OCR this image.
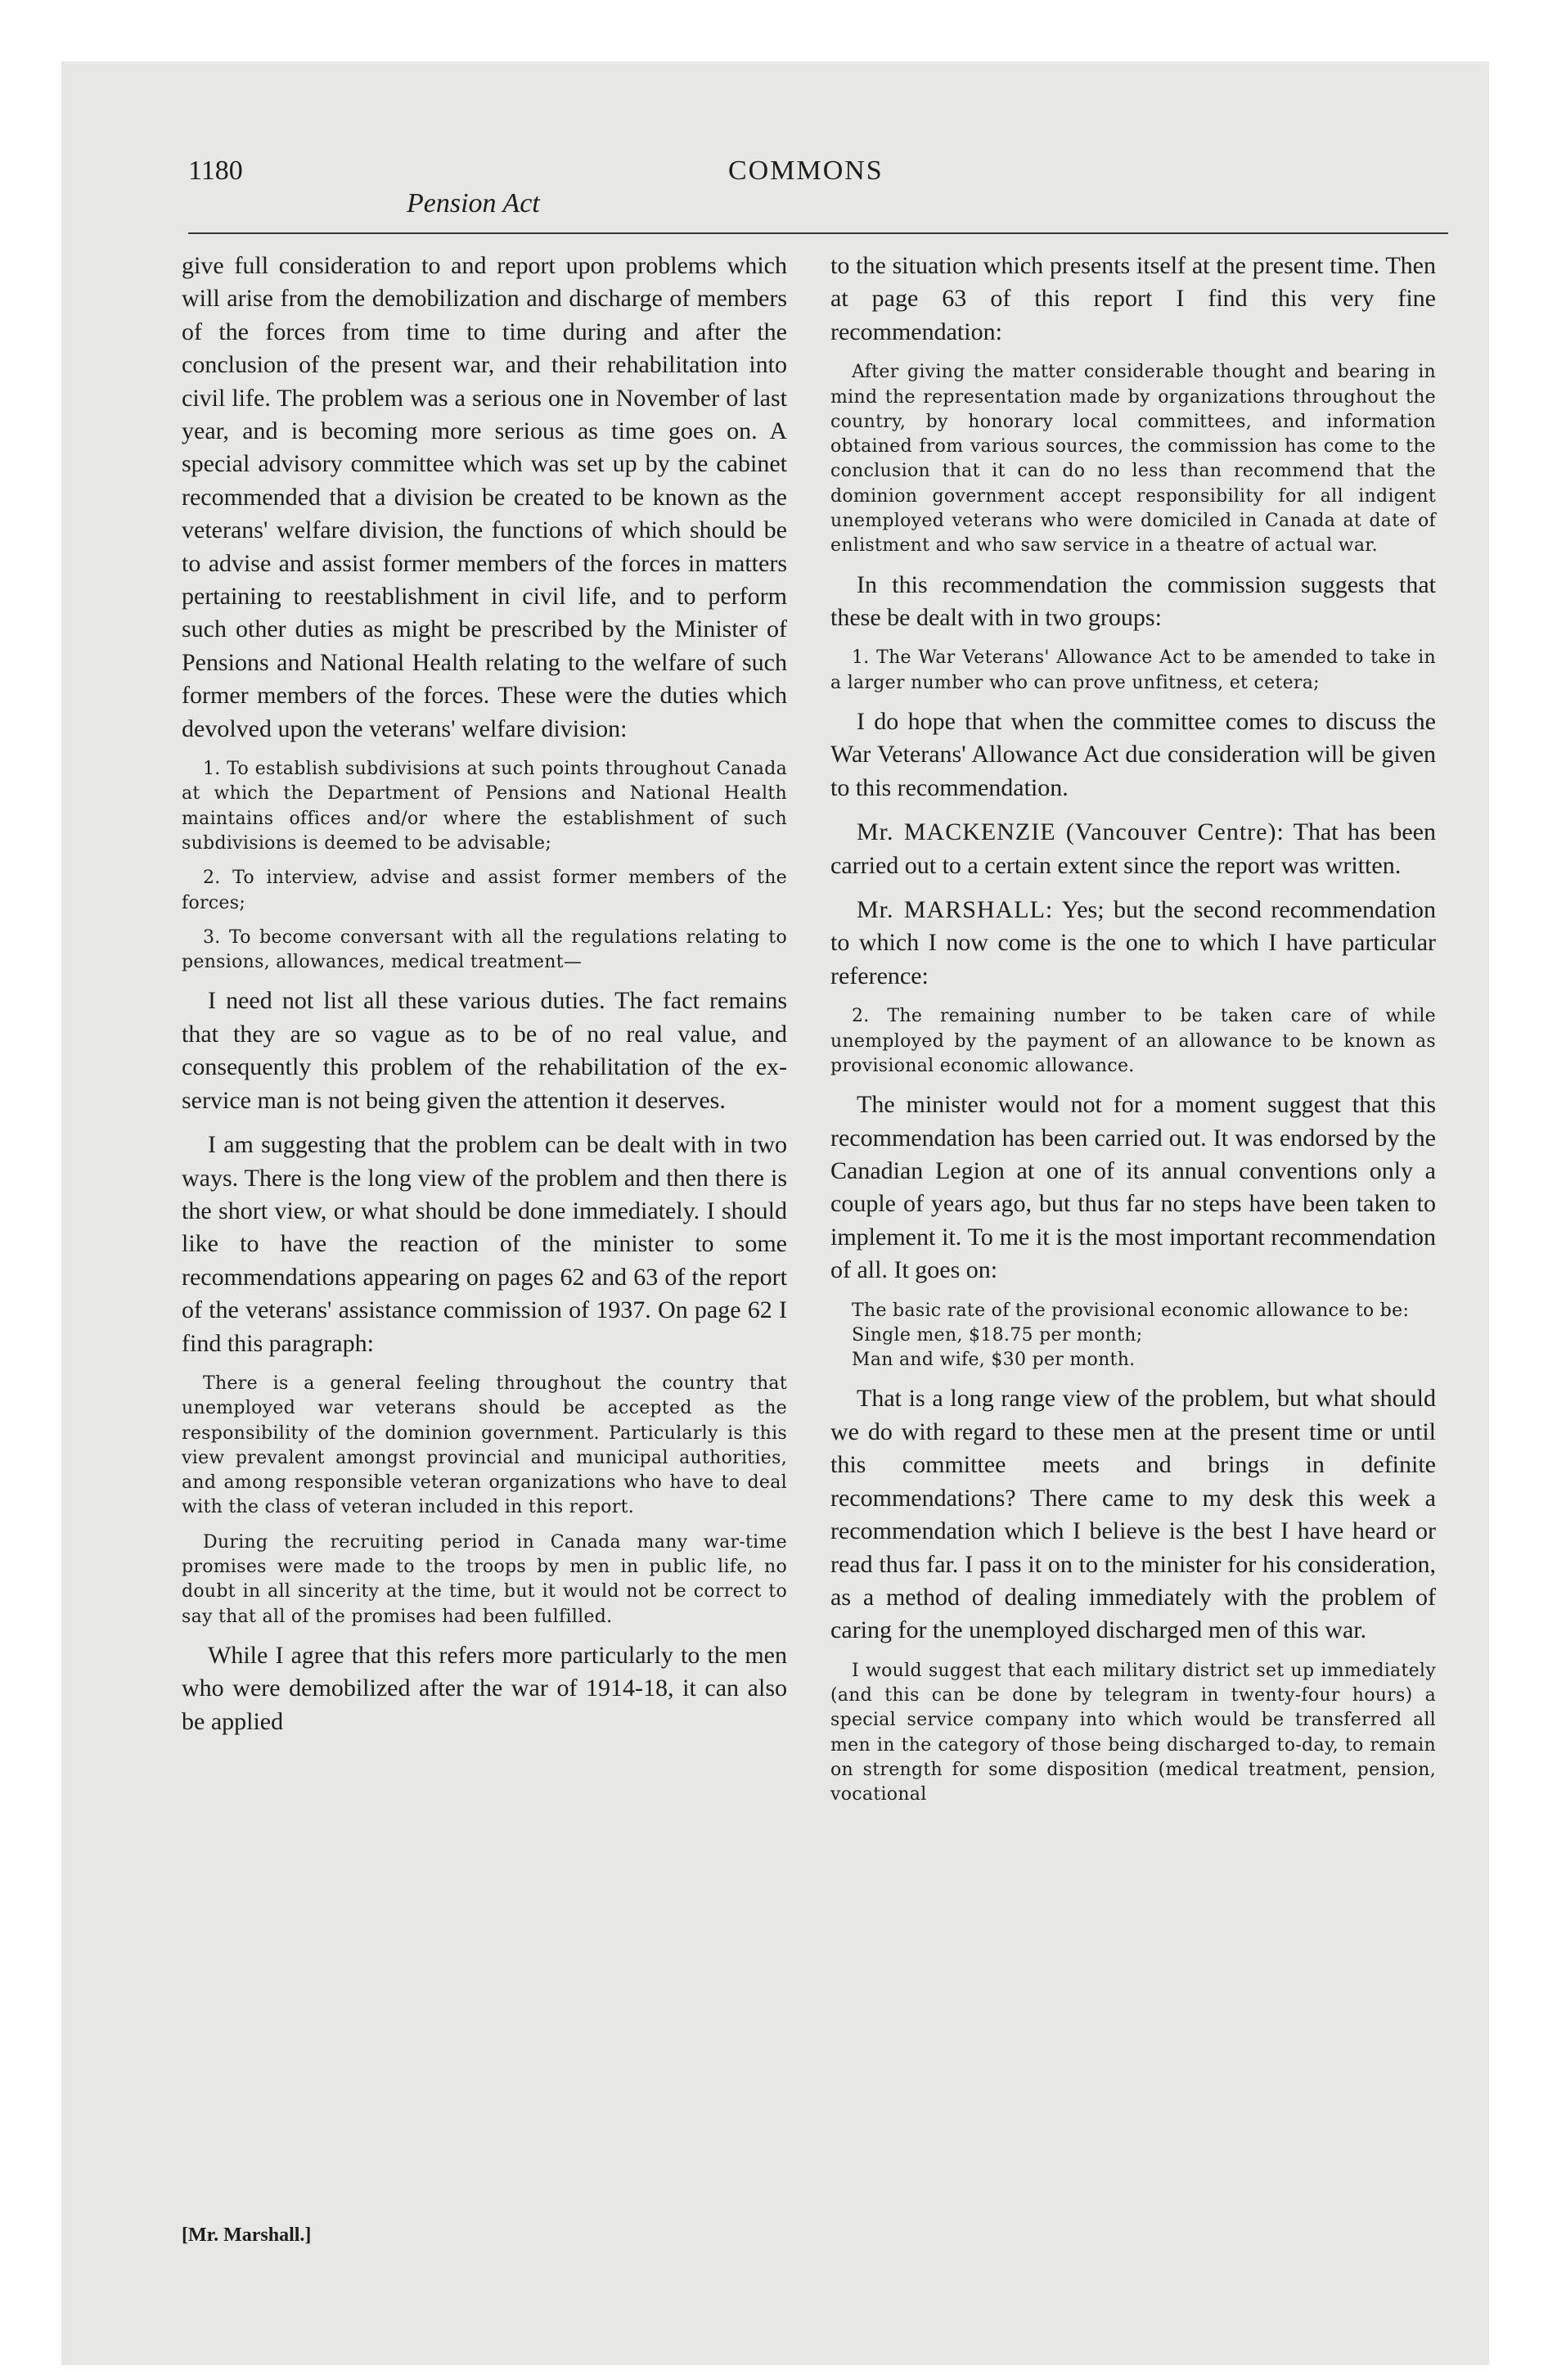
1180	COMMONS
Pension Act

give full consideration to and report upon problems which will arise from the demobilization and discharge of members of the forces from time to time during and after the conclusion of the present war, and their rehabilitation into civil life. The problem was a serious one in November of last year, and is becoming more serious as time goes on. A special advisory committee which was set up by the cabinet recommended that a division be created to be known as the veterans' welfare division, the functions of which should be to advise and assist former members of the forces in matters pertaining to reestablishment in civil life, and to perform such other duties as might be prescribed by the Minister of Pensions and National Health relating to the welfare of such former members of the forces. These were the duties which devolved upon the veterans' welfare division:

1. To establish subdivisions at such points throughout Canada at which the Department of Pensions and National Health maintains offices and/or where the establishment of such subdivisions is deemed to be advisable;

2. To interview, advise and assist former members of the forces;

3. To become conversant with all the regulations relating to pensions, allowances, medical treatment—

I need not list all these various duties. The fact remains that they are so vague as to be of no real value, and consequently this problem of the rehabilitation of the ex-service man is not being given the attention it deserves.

I am suggesting that the problem can be dealt with in two ways. There is the long view of the problem and then there is the short view, or what should be done immediately. I should like to have the reaction of the minister to some recommendations appearing on pages 62 and 63 of the report of the veterans' assistance commission of 1937. On page 62 I find this paragraph:

There is a general feeling throughout the country that unemployed war veterans should be accepted as the responsibility of the dominion government. Particularly is this view prevalent amongst provincial and municipal authorities, and among responsible veteran organizations who have to deal with the class of veteran included in this report.

During the recruiting period in Canada many war-time promises were made to the troops by men in public life, no doubt in all sincerity at the time, but it would not be correct to say that all of the promises had been fulfilled.

While I agree that this refers more particularly to the men who were demobilized after the war of 1914-18, it can also be applied

to the situation which presents itself at the present time. Then at page 63 of this report I find this very fine recommendation:

After giving the matter considerable thought and bearing in mind the representation made by organizations throughout the country, by honorary local committees, and information obtained from various sources, the commission has come to the conclusion that it can do no less than recommend that the dominion government accept responsibility for all indigent unemployed veterans who were domiciled in Canada at date of enlistment and who saw service in a theatre of actual war.

In this recommendation the commission suggests that these be dealt with in two groups:

1. The War Veterans' Allowance Act to be amended to take in a larger number who can prove unfitness, et cetera;

I do hope that when the committee comes to discuss the War Veterans' Allowance Act due consideration will be given to this recommendation.

Mr. MACKENZIE (Vancouver Centre): That has been carried out to a certain extent since the report was written.

Mr. MARSHALL: Yes; but the second recommendation to which I now come is the one to which I have particular reference:

2. The remaining number to be taken care of while unemployed by the payment of an allowance to be known as provisional economic allowance.

The minister would not for a moment suggest that this recommendation has been carried out. It was endorsed by the Canadian Legion at one of its annual conventions only a couple of years ago, but thus far no steps have been taken to implement it. To me it is the most important recommendation of all. It goes on:

The basic rate of the provisional economic allowance to be:

Single men, $18.75 per month;

Man and wife, $30 per month.

That is a long range view of the problem, but what should we do with regard to these men at the present time or until this committee meets and brings in definite recommendations? There came to my desk this week a recommendation which I believe is the best I have heard or read thus far. I pass it on to the minister for his consideration, as a method of dealing immediately with the problem of caring for the unemployed discharged men of this war.

I would suggest that each military district set up immediately (and this can be done by telegram in twenty-four hours) a special service company into which would be transferred all men in the category of those being discharged to-day, to remain on strength for some disposition (medical treatment, pension, vocational

[Mr. Marshall.]
